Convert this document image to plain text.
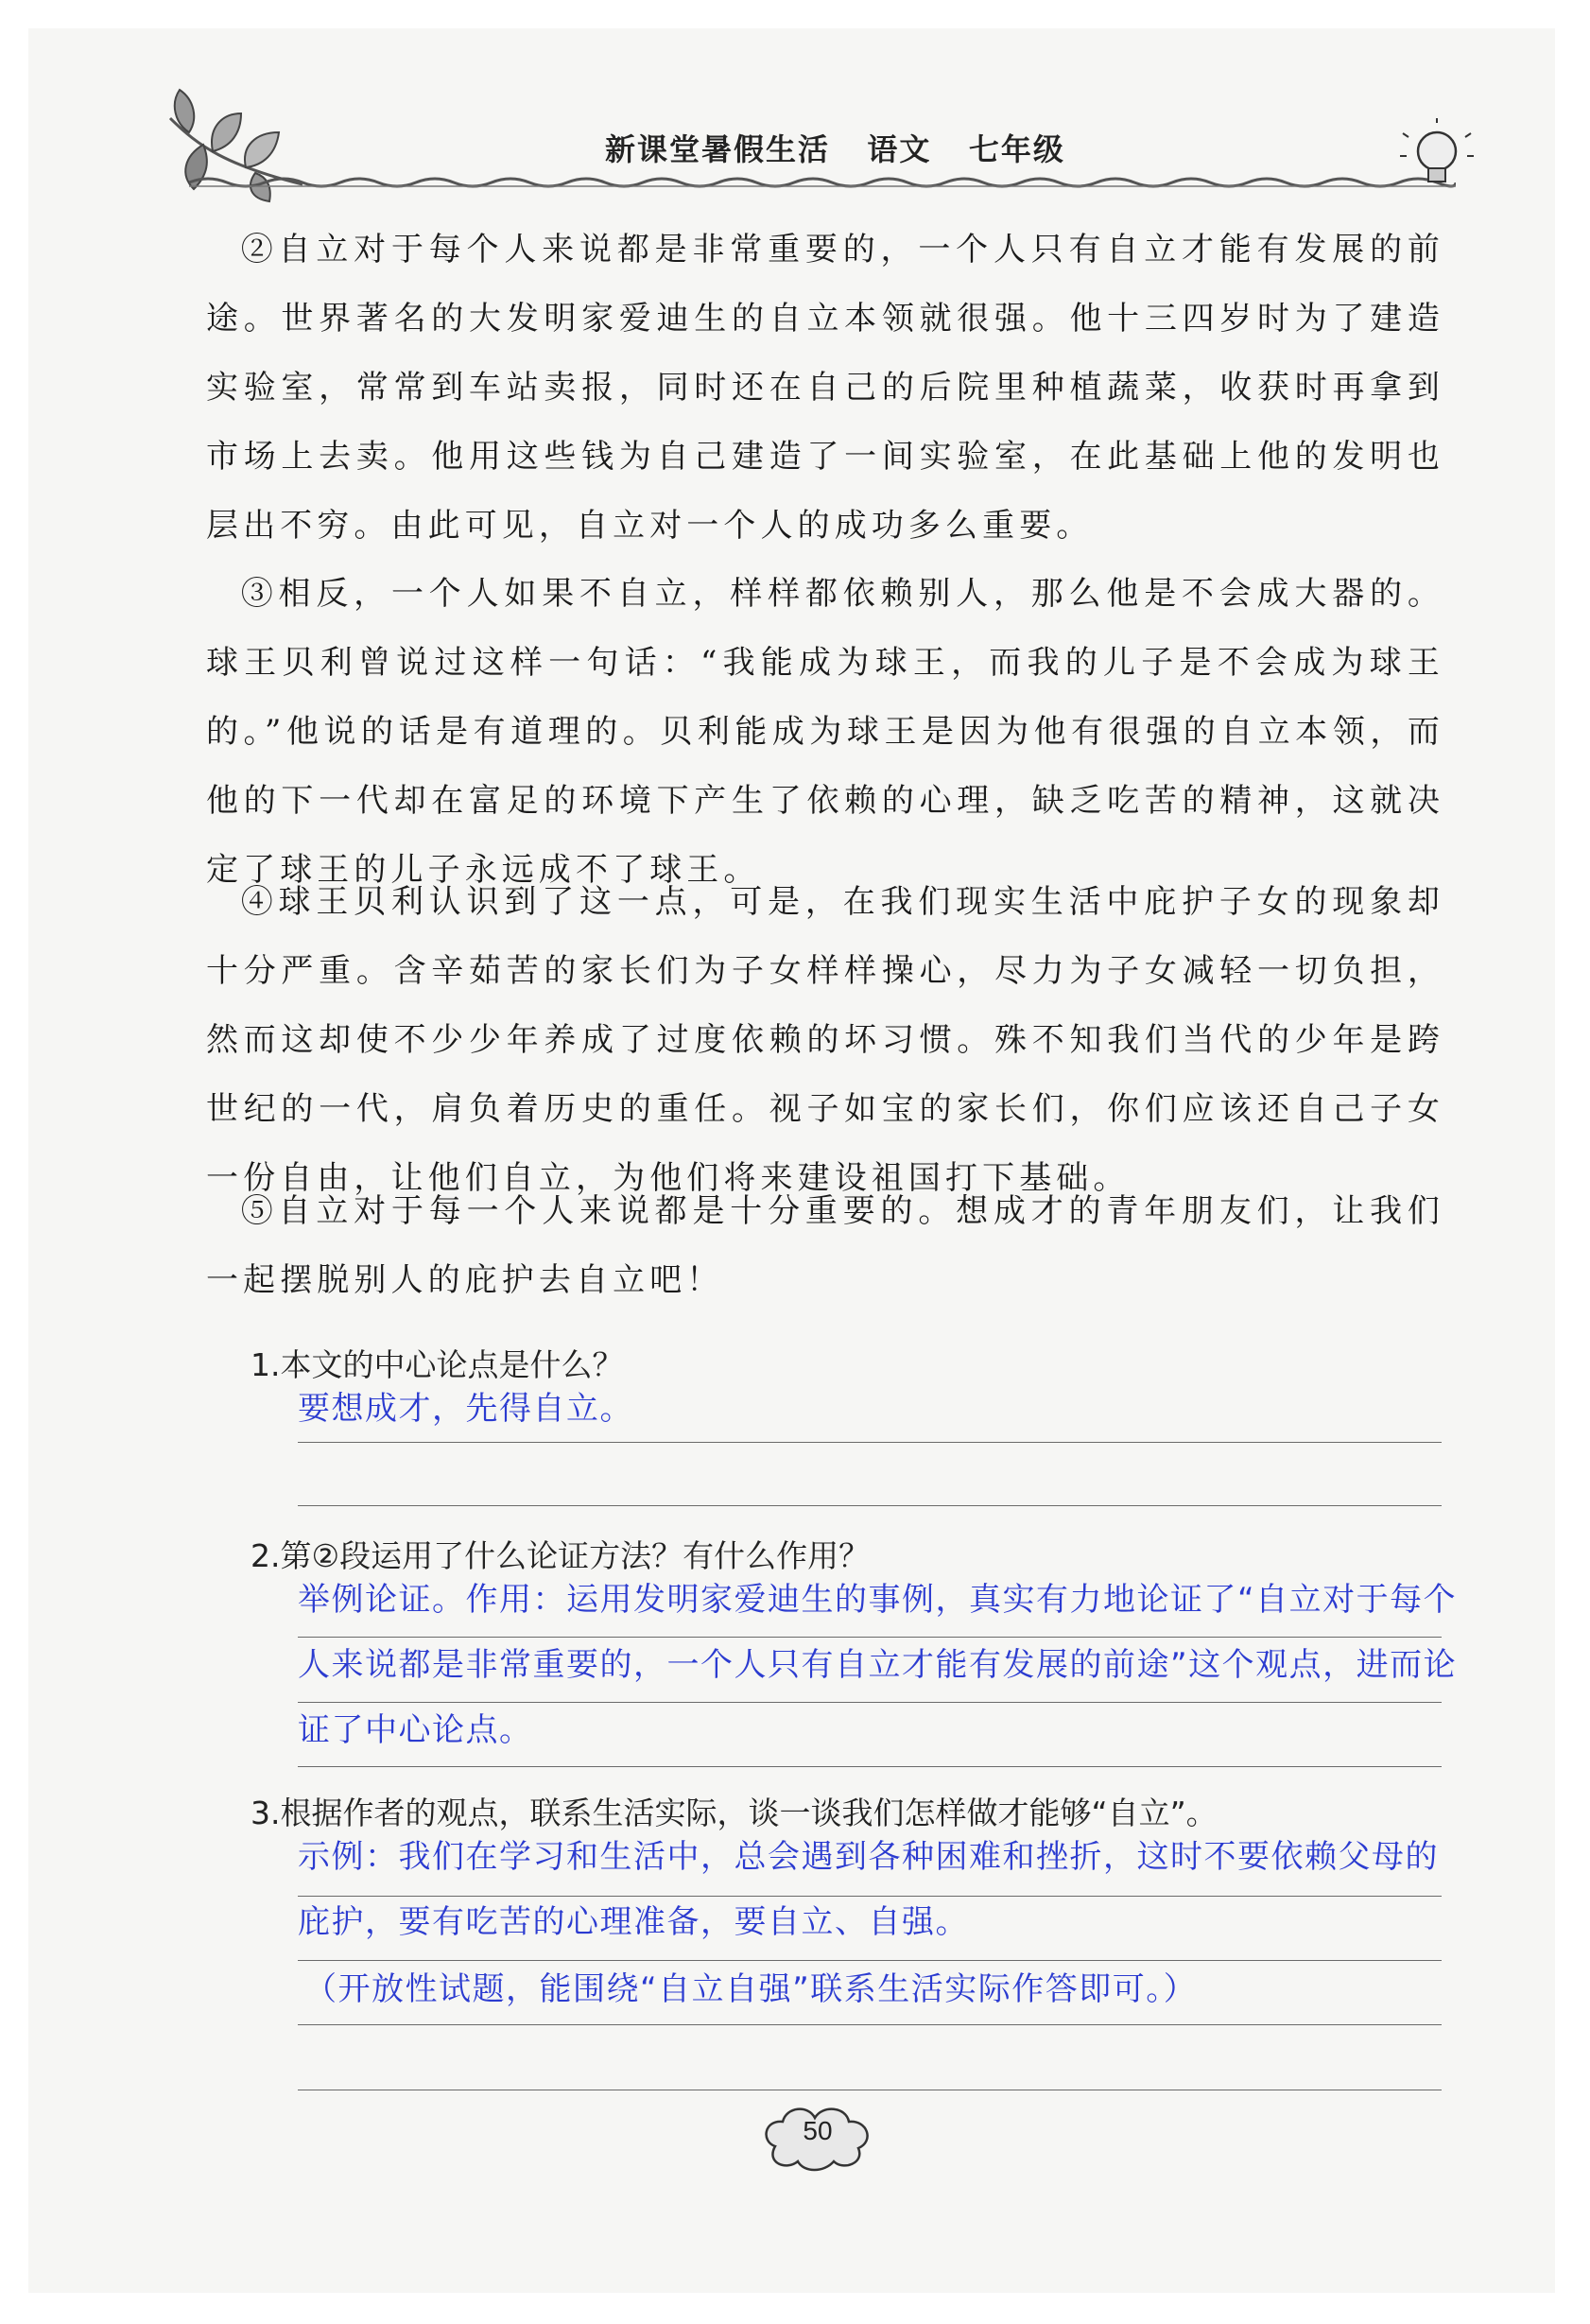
新课堂暑假生活   语文   七年级

②自立对于每个人来说都是非常重要的，一个人只有自立才能有发展的前途。世界著名的大发明家爱迪生的自立本领就很强。他十三四岁时为了建造实验室，常常到车站卖报，同时还在自己的后院里种植蔬菜，收获时再拿到市场上去卖。他用这些钱为自己建造了一间实验室，在此基础上他的发明也层出不穷。由此可见，自立对一个人的成功多么重要。

③相反，一个人如果不自立，样样都依赖别人，那么他是不会成大器的。球王贝利曾说过这样一句话：“我能成为球王，而我的儿子是不会成为球王的。”他说的话是有道理的。贝利能成为球王是因为他有很强的自立本领，而他的下一代却在富足的环境下产生了依赖的心理，缺乏吃苦的精神，这就决定了球王的儿子永远成不了球王。

④球王贝利认识到了这一点，可是，在我们现实生活中庇护子女的现象却十分严重。含辛茹苦的家长们为子女样样操心，尽力为子女减轻一切负担，然而这却使不少少年养成了过度依赖的坏习惯。殊不知我们当代的少年是跨世纪的一代，肩负着历史的重任。视子如宝的家长们，你们应该还自己子女一份自由，让他们自立，为他们将来建设祖国打下基础。

⑤自立对于每一个人来说都是十分重要的。想成才的青年朋友们，让我们一起摆脱别人的庇护去自立吧！

1.本文的中心论点是什么？

要想成才，先得自立。

2.第②段运用了什么论证方法？有什么作用？

举例论证。作用：运用发明家爱迪生的事例，真实有力地论证了“自立对于每个人来说都是非常重要的，一个人只有自立才能有发展的前途”这个观点，进而论证了中心论点。

3.根据作者的观点，联系生活实际，谈一谈我们怎样做才能够“自立”。

示例：我们在学习和生活中，总会遇到各种困难和挫折，这时不要依赖父母的庇护，要有吃苦的心理准备，要自立、自强。

（开放性试题，能围绕“自立自强”联系生活实际作答即可。）

50
